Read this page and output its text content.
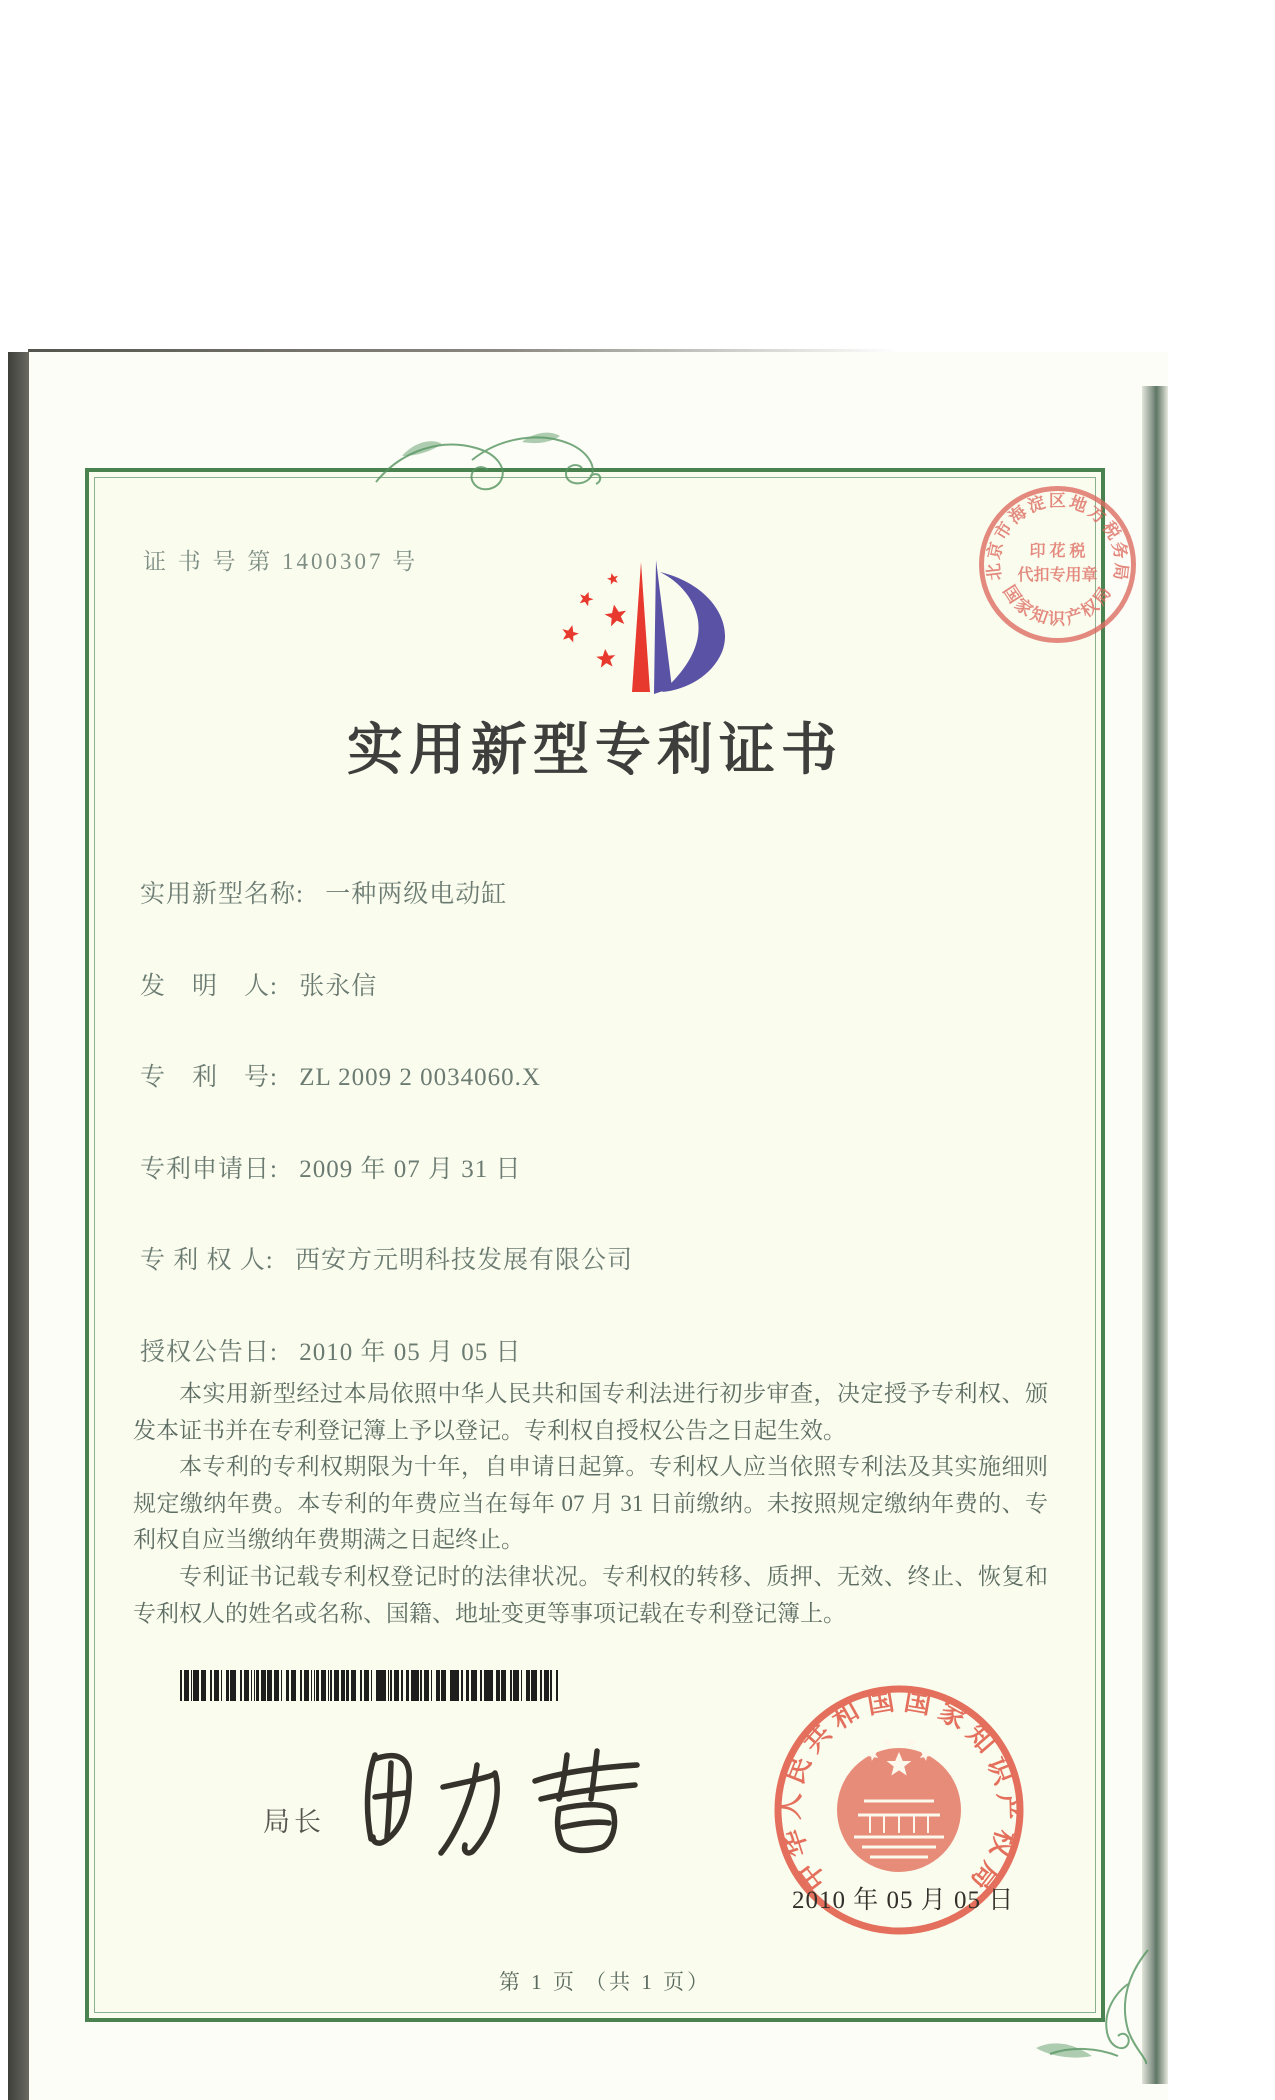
证 书 号 第 1400307 号	北京市海淀区地方税务局
国家知识产权局
印 花 税
代扣专用章
实用新型专利证书
实用新型名称: 一种两级电动缸
发　明　人: 张永信
专　利　号: ZL 2009 2 0034060.X
专利申请日: 2009 年 07 月 31 日
专 利 权 人: 西安方元明科技发展有限公司
授权公告日: 2010 年 05 月 05 日

本实用新型经过本局依照中华人民共和国专利法进行初步审查，决定授予专利权、颁发本证书并在专利登记簿上予以登记。专利权自授权公告之日起生效。

本专利的专利权期限为十年，自申请日起算。专利权人应当依照专利法及其实施细则规定缴纳年费。本专利的年费应当在每年 07 月 31 日前缴纳。未按照规定缴纳年费的、专利权自应当缴纳年费期满之日起终止。

专利证书记载专利权登记时的法律状况。专利权的转移、质押、无效、终止、恢复和专利权人的姓名或名称、国籍、地址变更等事项记载在专利登记簿上。

局长
中华人民共和国国家知识产权局
2010 年 05 月 05 日
第 1 页 （共 1 页）
